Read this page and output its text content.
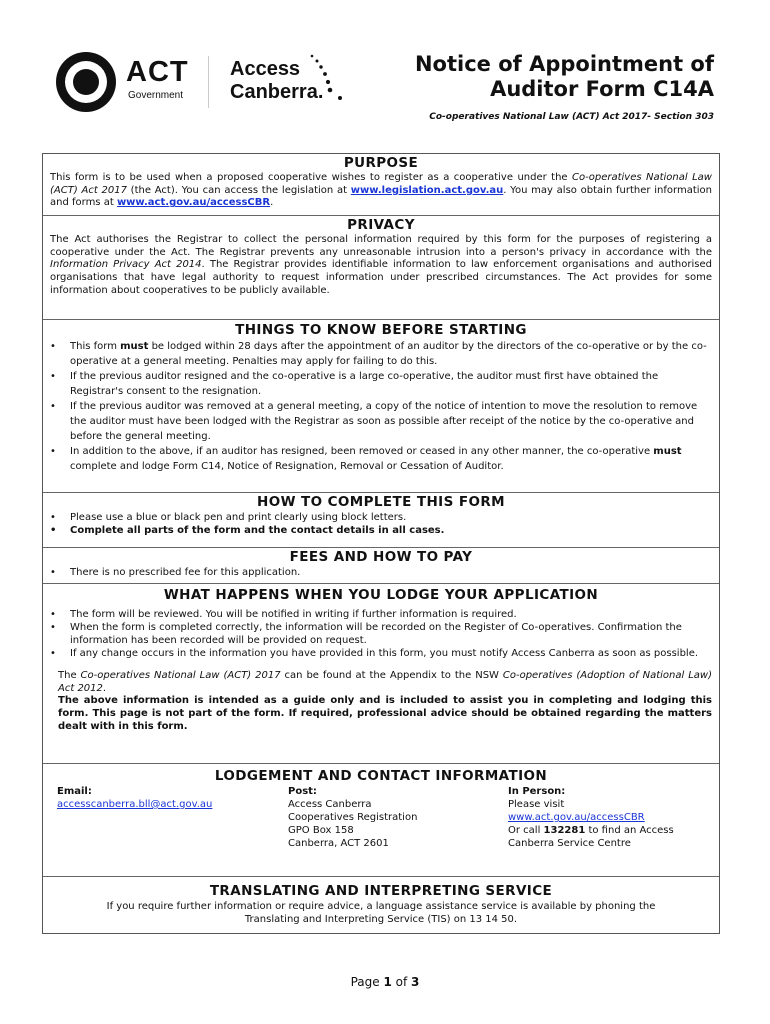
ACT
Government
Access
Canberra.
Notice of Appointment of
Auditor Form C14A
Co-operatives National Law (ACT) Act 2017- Section 303
PURPOSE

This form is to be used when a proposed cooperative wishes to register as a cooperative under the Co-operatives National Law (ACT) Act 2017 (the Act). You can access the legislation at www.legislation.act.gov.au. You may also obtain further information and forms at www.act.gov.au/accessCBR.

PRIVACY

The Act authorises the Registrar to collect the personal information required by this form for the purposes of registering a cooperative under the Act. The Registrar prevents any unreasonable intrusion into a person's privacy in accordance with the Information Privacy Act 2014. The Registrar provides identifiable information to law enforcement organisations and authorised organisations that have legal authority to request information under prescribed circumstances. The Act provides for some information about cooperatives to be publicly available.

THINGS TO KNOW BEFORE STARTING
• This form must be lodged within 28 days after the appointment of an auditor by the directors of the co-operative or by the co-operative at a general meeting. Penalties may apply for failing to do this.
• If the previous auditor resigned and the co-operative is a large co-operative, the auditor must first have obtained the Registrar's consent to the resignation.
• If the previous auditor was removed at a general meeting, a copy of the notice of intention to move the resolution to remove the auditor must have been lodged with the Registrar as soon as possible after receipt of the notice by the co-operative and before the general meeting.
• In addition to the above, if an auditor has resigned, been removed or ceased in any other manner, the co-operative must complete and lodge Form C14, Notice of Resignation, Removal or Cessation of Auditor.
HOW TO COMPLETE THIS FORM
• Please use a blue or black pen and print clearly using block letters.
• Complete all parts of the form and the contact details in all cases.
FEES AND HOW TO PAY
• There is no prescribed fee for this application.
WHAT HAPPENS WHEN YOU LODGE YOUR APPLICATION
• The form will be reviewed. You will be notified in writing if further information is required.
• When the form is completed correctly, the information will be recorded on the Register of Co-operatives. Confirmation the information has been recorded will be provided on request.
• If any change occurs in the information you have provided in this form, you must notify Access Canberra as soon as possible.

The Co-operatives National Law (ACT) 2017 can be found at the Appendix to the NSW Co-operatives (Adoption of National Law) Act 2012.

The above information is intended as a guide only and is included to assist you in completing and lodging this form. This page is not part of the form. If required, professional advice should be obtained regarding the matters dealt with in this form.

LODGEMENT AND CONTACT INFORMATION
Email:
accesscanberra.bll@act.gov.au
Post:
Access Canberra
Cooperatives Registration
GPO Box 158
Canberra, ACT 2601
In Person:
Please visit
www.act.gov.au/accessCBR
Or call 132281 to find an Access
Canberra Service Centre
TRANSLATING AND INTERPRETING SERVICE
If you require further information or require advice, a language assistance service is available by phoning the
Translating and Interpreting Service (TIS) on 13 14 50.
Page 1 of 3
